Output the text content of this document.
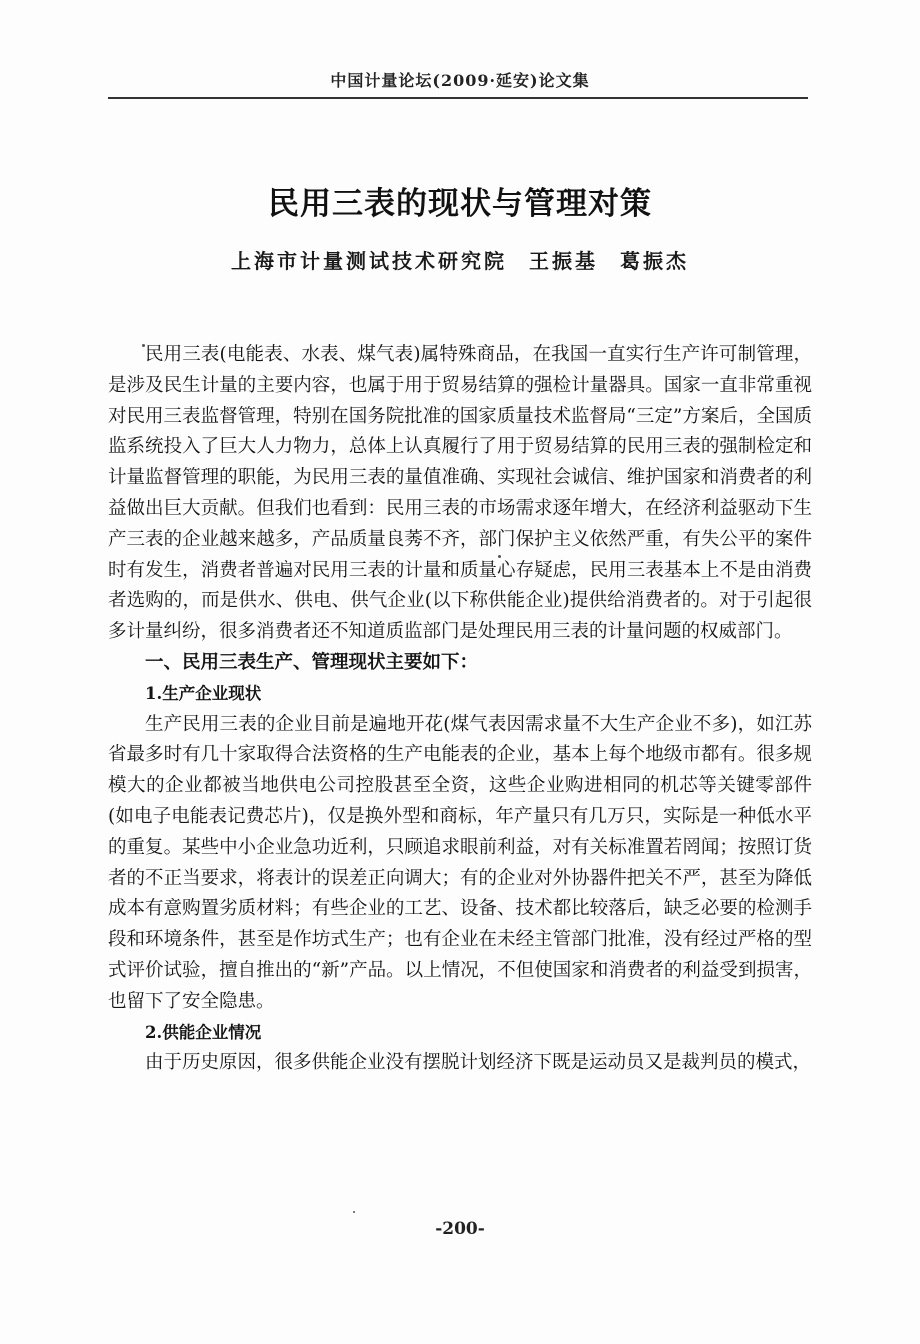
中国计量论坛(2009·延安)论文集
民用三表的现状与管理对策
上海市计量测试技术研究院 王振基 葛振杰

民用三表(电能表、水表、煤气表)属特殊商品，在我国一直实行生产许可制管理，是涉及民生计量的主要内容，也属于用于贸易结算的强检计量器具。国家一直非常重视对民用三表监督管理，特别在国务院批准的国家质量技术监督局“三定”方案后，全国质监系统投入了巨大人力物力，总体上认真履行了用于贸易结算的民用三表的强制检定和计量监督管理的职能，为民用三表的量值准确、实现社会诚信、维护国家和消费者的利益做出巨大贡献。但我们也看到：民用三表的市场需求逐年增大，在经济利益驱动下生产三表的企业越来越多，产品质量良莠不齐，部门保护主义依然严重，有失公平的案件时有发生，消费者普遍对民用三表的计量和质量心存疑虑，民用三表基本上不是由消费者选购的，而是供水、供电、供气企业(以下称供能企业)提供给消费者的。对于引起很多计量纠纷，很多消费者还不知道质监部门是处理民用三表的计量问题的权威部门。

一、民用三表生产、管理现状主要如下：

1.生产企业现状

生产民用三表的企业目前是遍地开花(煤气表因需求量不大生产企业不多)，如江苏省最多时有几十家取得合法资格的生产电能表的企业，基本上每个地级市都有。很多规模大的企业都被当地供电公司控股甚至全资，这些企业购进相同的机芯等关键零部件(如电子电能表记费芯片)，仅是换外型和商标，年产量只有几万只，实际是一种低水平的重复。某些中小企业急功近利，只顾追求眼前利益，对有关标准置若罔闻；按照订货者的不正当要求，将表计的误差正向调大；有的企业对外协器件把关不严，甚至为降低成本有意购置劣质材料；有些企业的工艺、设备、技术都比较落后，缺乏必要的检测手段和环境条件，甚至是作坊式生产；也有企业在未经主管部门批准，没有经过严格的型式评价试验，擅自推出的“新”产品。以上情况，不但使国家和消费者的利益受到损害，也留下了安全隐患。

2.供能企业情况

由于历史原因，很多供能企业没有摆脱计划经济下既是运动员又是裁判员的模式，

-200-
